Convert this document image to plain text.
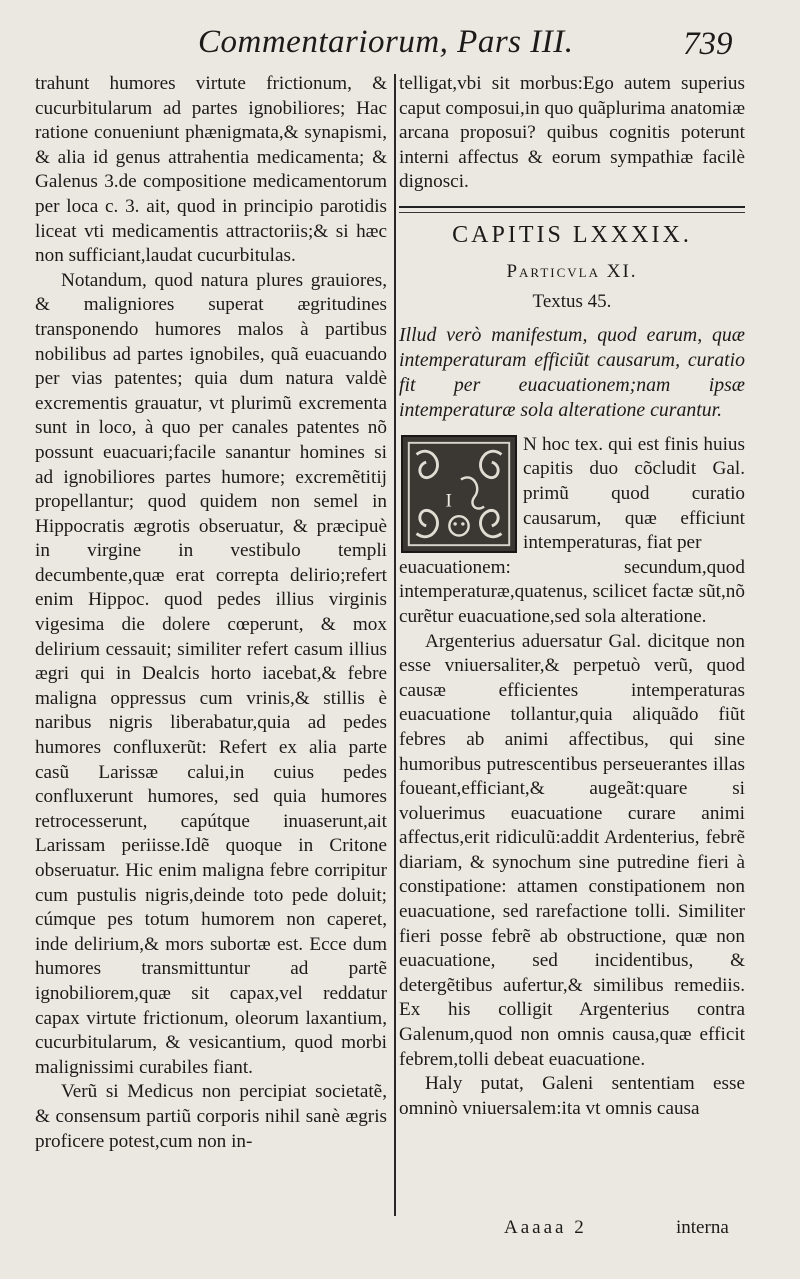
Commentariorum, Pars III.	739

trahunt humores virtute frictionum, & cucurbitularum ad partes ignobiliores; Hac ratione conueniunt phænigmata,& synapismi, & alia id genus attrahentia medicamenta; & Galenus 3.de compositione medicamentorum per loca c. 3. ait, quod in principio parotidis liceat vti medicamentis attractoriis;& si hæc non sufficiant,laudat cucurbitulas.

Notandum, quod natura plures grauiores, & maligniores superat ægritudines transponendo humores malos à partibus nobilibus ad partes ignobiles, quã euacuando per vias patentes; quia dum natura valdè excrementis grauatur, vt plurimũ excrementa sunt in loco, à quo per canales patentes nõ possunt euacuari;facile sanantur homines si ad ignobiliores partes humore; excremẽtitij propellantur; quod quidem non semel in Hippocratis ægrotis obseruatur, & præcipuè in virgine in vestibulo templi decumbente,quæ erat correpta delirio;refert enim Hippoc. quod pedes illius virginis vigesima die dolere cœperunt, & mox delirium cessauit; similiter refert casum illius ægri qui in Dealcis horto iacebat,& febre maligna oppressus cum vrinis,& stillis è naribus nigris liberabatur,quia ad pedes humores confluxerũt: Refert ex alia parte casũ Larissæ calui,in cuius pedes confluxerunt humores, sed quia humores retrocesserunt, capútque inuaserunt,ait Larissam periisse.Idẽ quoque in Critone obseruatur. Hic enim maligna febre corripitur cum pustulis nigris,deinde toto pede doluit; cúmque pes totum humorem non caperet, inde delirium,& mors subortæ est. Ecce dum humores transmittuntur ad partẽ ignobiliorem,quæ sit capax,vel reddatur capax virtute frictionum, oleorum laxantium, cucurbitularum, & vesicantium, quod morbi malignissimi curabiles fiant.

Verũ si Medicus non percipiat societatẽ, & consensum partiũ corporis nihil sanè ægris proficere potest,cum non in-

telligat,vbi sit morbus:Ego autem superius caput composui,in quo quãplurima anatomiæ arcana proposui? quibus cognitis poterunt interni affectus & eorum sympathiæ facilè dignosci.

CAPITIS LXXXIX.
Particvla XI.
Textus 45.

Illud verò manifestum, quod earum, quæ intemperaturam efficiũt causarum, curatio fit per euacuationem;nam ipsæ intemperaturæ sola alteratione curantur.

I
N hoc tex. qui est finis huius capitis duo cõcludit Gal. primũ quod curatio causarum, quæ efficiunt intemperaturas, fiat per

euacuationem: secundum,quod intemperaturæ,quatenus, scilicet factæ sũt,nõ curẽtur euacuatione,sed sola alteratione.

Argenterius aduersatur Gal. dicitque non esse vniuersaliter,& perpetuò verũ, quod causæ efficientes intemperaturas euacuatione tollantur,quia aliquãdo fiũt febres ab animi affectibus, qui sine humoribus putrescentibus perseuerantes illas foueant,efficiant,& augeãt:quare si voluerimus euacuatione curare animi affectus,erit ridiculũ:addit Ardenterius, febrẽ diariam, & synochum sine putredine fieri à constipatione: attamen constipationem non euacuatione, sed rarefactione tolli. Similiter fieri posse febrẽ ab obstructione, quæ non euacuatione, sed incidentibus, & detergẽtibus aufertur,& similibus remediis. Ex his colligit Argenterius contra Galenum,quod non omnis causa,quæ efficit febrem,tolli debeat euacuatione.

Haly putat, Galeni sententiam esse omninò vniuersalem:ita vt omnis causa

Aaaaa 2	interna
